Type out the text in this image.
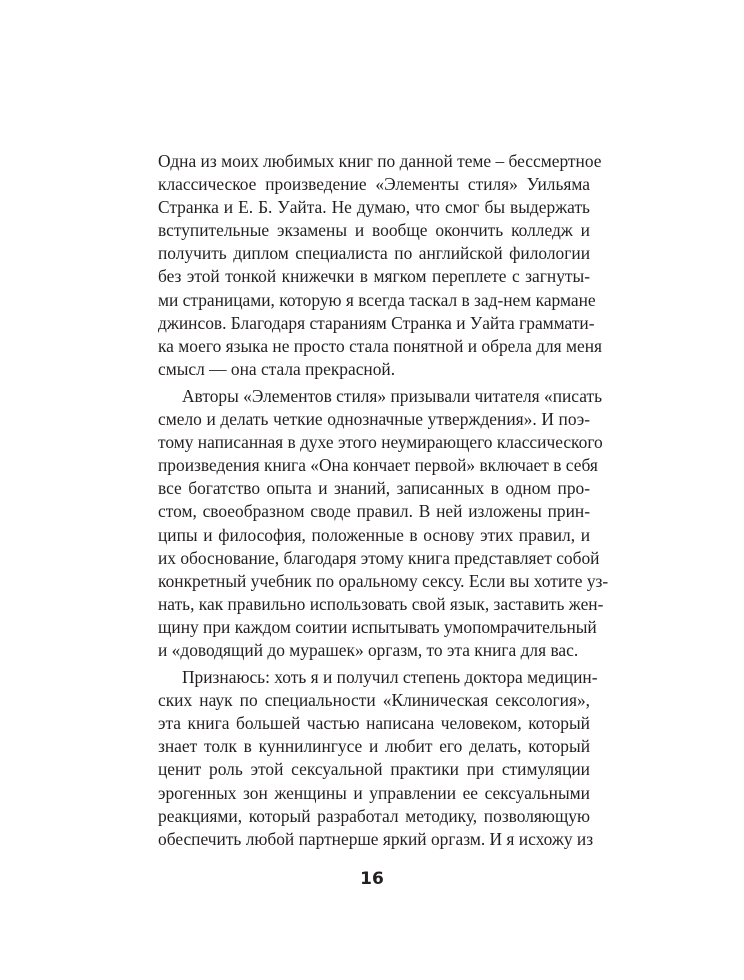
Одна из моих любимых книг по данной теме – бессмертное
классическое произведение «Элементы стиля» Уильяма
Странка и Е. Б. Уайта. Не думаю, что смог бы выдержать
вступительные экзамены и вообще окончить колледж и
получить диплом специалиста по английской филологии
без этой тонкой книжечки в мягком переплете с загнуты-
ми страницами, которую я всегда таскал в зад-нем кармане
джинсов. Благодаря стараниям Странка и Уайта граммати-
ка моего языка не просто стала понятной и обрела для меня
смысл — она стала прекрасной.
Авторы «Элементов стиля» призывали читателя «писать
смело и делать четкие однозначные утверждения». И поэ-
тому написанная в духе этого неумирающего классического
произведения книга «Она кончает первой» включает в себя
все богатство опыта и знаний, записанных в одном про-
стом, своеобразном своде правил. В ней изложены прин-
ципы и философия, положенные в основу этих правил, и
их обоснование, благодаря этому книга представляет собой
конкретный учебник по оральному сексу. Если вы хотите уз-
нать, как правильно использовать свой язык, заставить жен-
щину при каждом соитии испытывать умопомрачительный
и «доводящий до мурашек» оргазм, то эта книга для вас.
Признаюсь: хоть я и получил степень доктора медицин-
ских наук по специальности «Клиническая сексология»,
эта книга большей частью написана человеком, который
знает толк в куннилингусе и любит его делать, который
ценит роль этой сексуальной практики при стимуляции
эрогенных зон женщины и управлении ее сексуальными
реакциями, который разработал методику, позволяющую
обеспечить любой партнерше яркий оргазм. И я исхожу из
16
